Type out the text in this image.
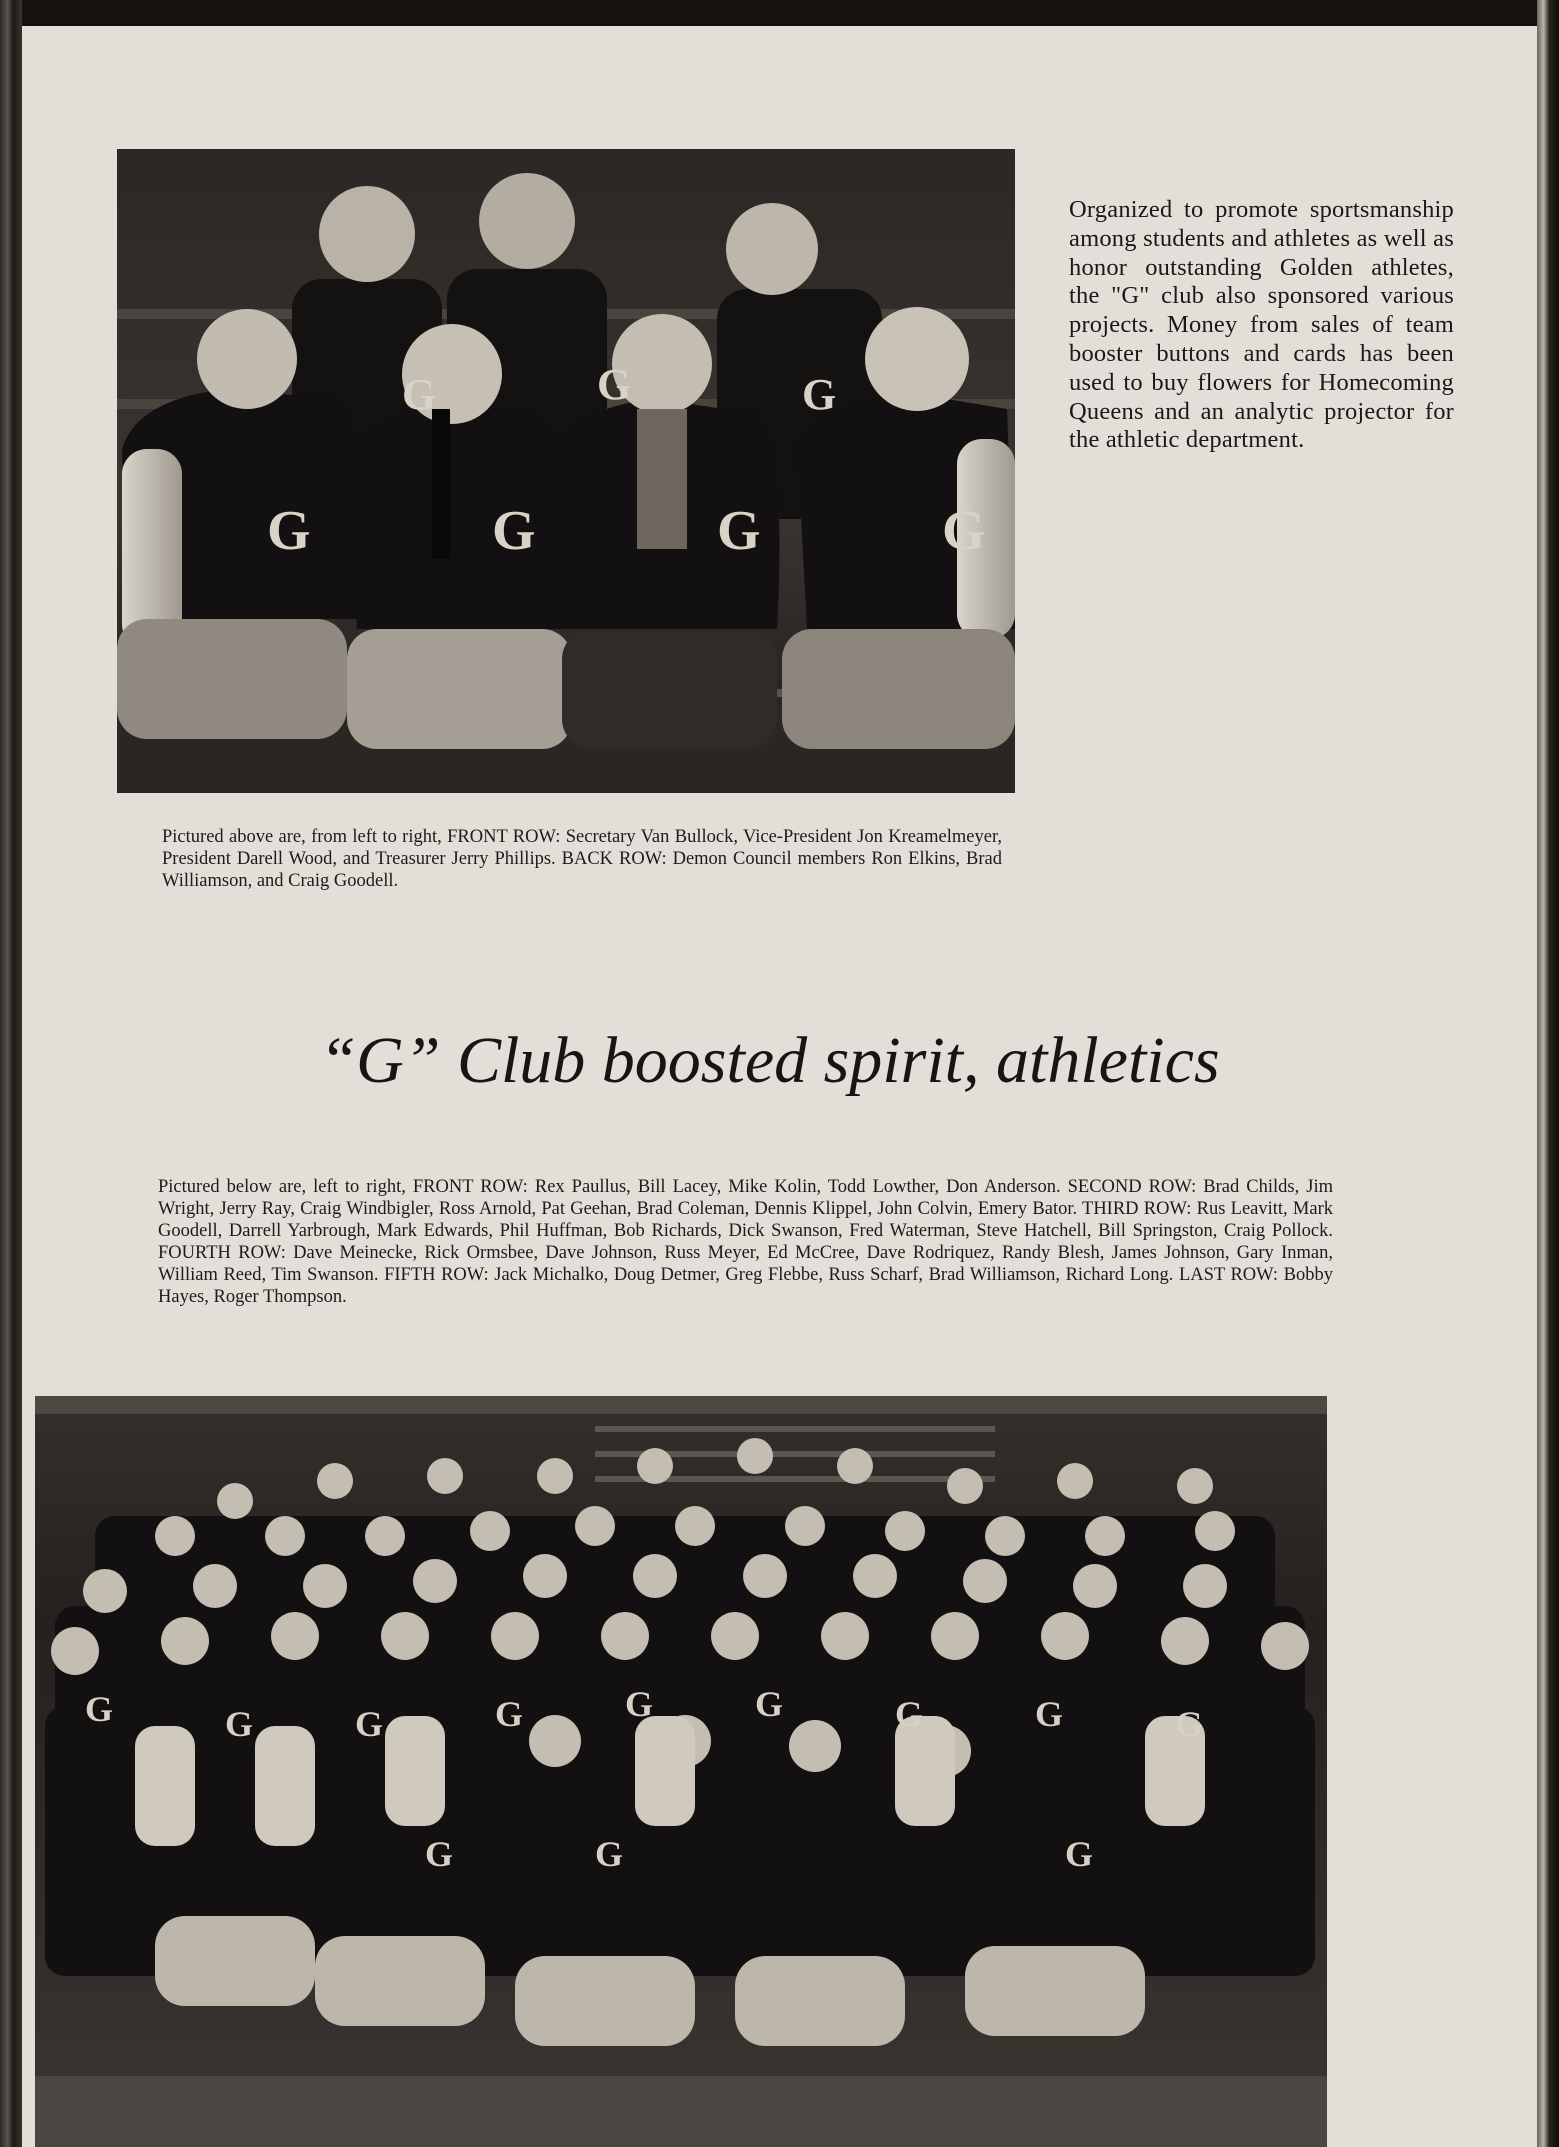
G	G	G	G
G	G	G
Organized to promote sportsmanship among students and athletes as well as honor outstanding Golden athletes, the "G" club also sponsored various projects. Money from sales of team booster buttons and cards has been used to buy flowers for Homecoming Queens and an analytic projector for the athletic department.
Pictured above are, from left to right, FRONT ROW: Secretary Van Bullock, Vice-President Jon Kreamelmeyer, President Darell Wood, and Treasurer Jerry Phillips. BACK ROW: Demon Council members Ron Elkins, Brad Williamson, and Craig Goodell.
“G” Club boosted spirit, athletics
Pictured below are, left to right, FRONT ROW: Rex Paullus, Bill Lacey, Mike Kolin, Todd Lowther, Don Anderson. SECOND ROW: Brad Childs, Jim Wright, Jerry Ray, Craig Windbigler, Ross Arnold, Pat Geehan, Brad Coleman, Dennis Klippel, John Colvin, Emery Bator. THIRD ROW: Rus Leavitt, Mark Goodell, Darrell Yarbrough, Mark Edwards, Phil Huffman, Bob Richards, Dick Swanson, Fred Waterman, Steve Hatchell, Bill Springston, Craig Pollock. FOURTH ROW: Dave Meinecke, Rick Ormsbee, Dave Johnson, Russ Meyer, Ed McCree, Dave Rodriquez, Randy Blesh, James Johnson, Gary Inman, William Reed, Tim Swanson. FIFTH ROW: Jack Michalko, Doug Detmer, Greg Flebbe, Russ Scharf, Brad Williamson, Richard Long. LAST ROW: Bobby Hayes, Roger Thompson.
G	G	G	G	G	G	G	G	G
G	G	G
